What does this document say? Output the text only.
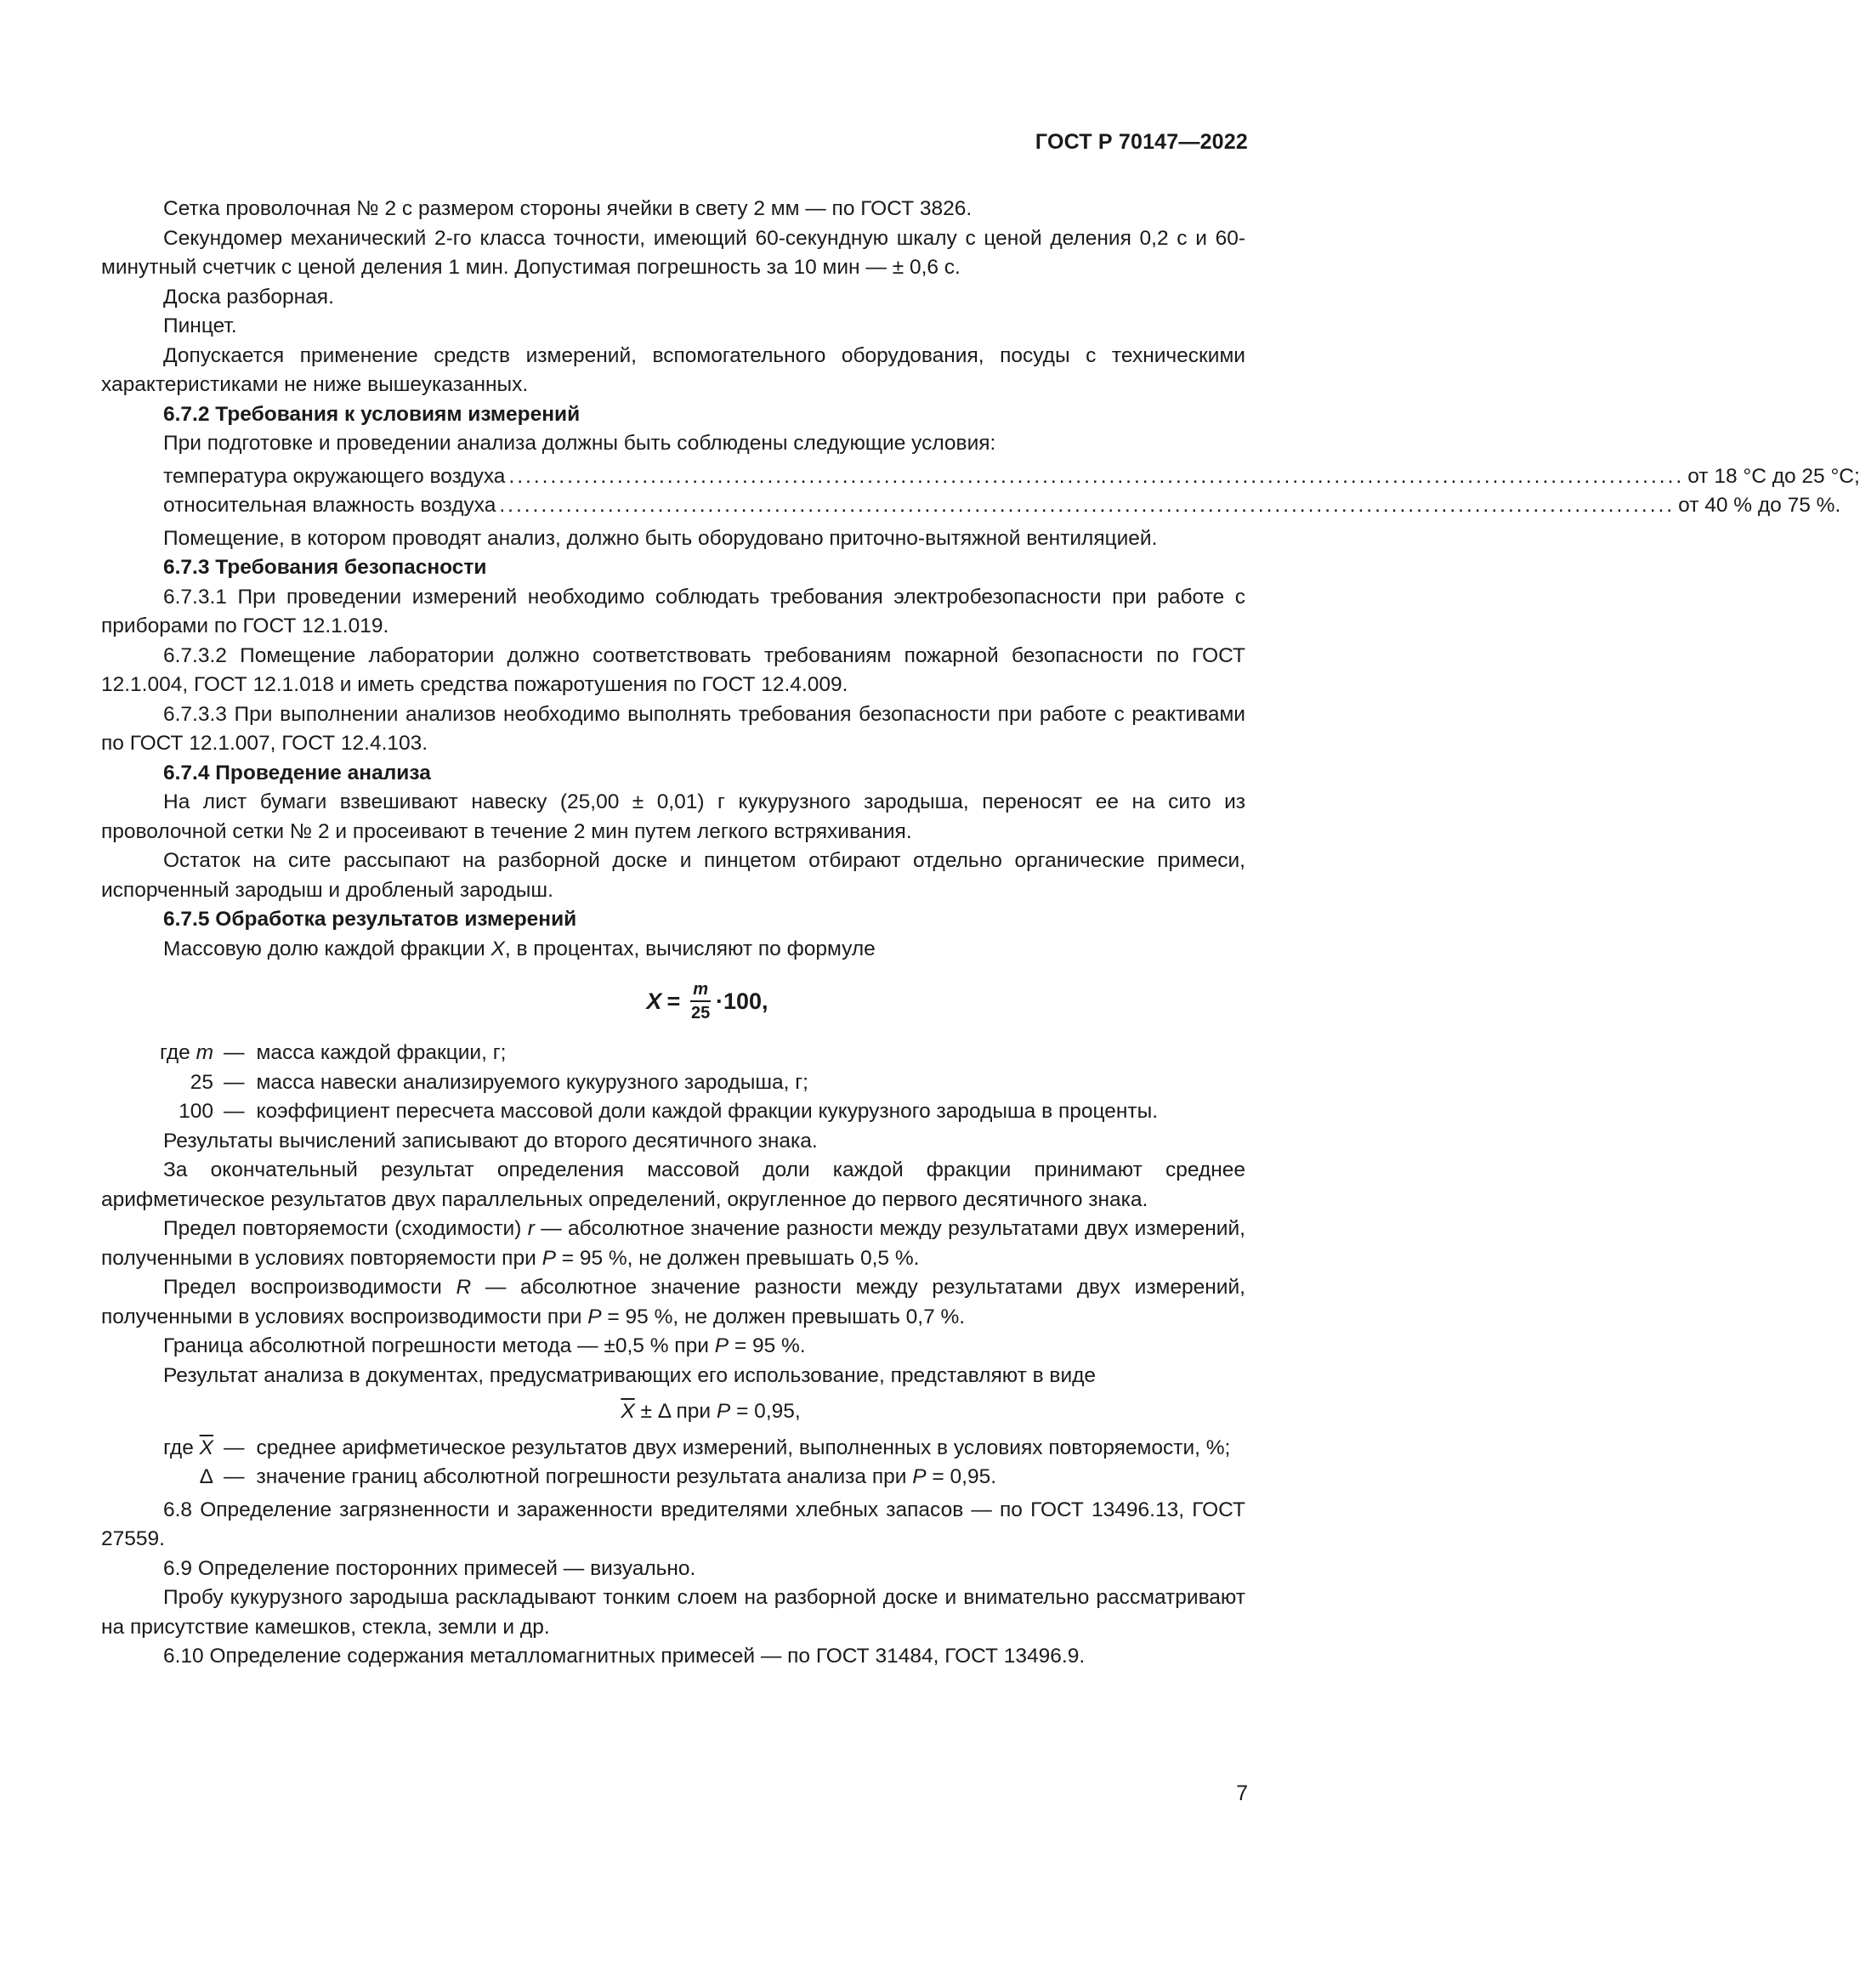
ГОСТ Р 70147—2022

Сетка проволочная № 2 с размером стороны ячейки в свету 2 мм — по ГОСТ 3826.

Секундомер механический 2-го класса точности, имеющий 60-секундную шкалу с ценой деления 0,2 с и 60-минутный счетчик с ценой деления 1 мин. Допустимая погрешность за 10 мин — ± 0,6 с.

Доска разборная.

Пинцет.

Допускается применение средств измерений, вспомогательного оборудования, посуды с техническими характеристиками не ниже вышеуказанных.

6.7.2 Требования к условиям измерений

При подготовке и проведении анализа должны быть соблюдены следующие условия:

температура окружающего воздуха ............................................................................................................................................. от 18 °С до 25 °С;
относительная влажность воздуха ............................................................................................................................................. от 40 % до 75 %.

Помещение, в котором проводят анализ, должно быть оборудовано приточно-вытяжной вентиляцией.

6.7.3 Требования безопасности

6.7.3.1 При проведении измерений необходимо соблюдать требования электробезопасности при работе с приборами по ГОСТ 12.1.019.

6.7.3.2 Помещение лаборатории должно соответствовать требованиям пожарной безопасности по ГОСТ 12.1.004, ГОСТ 12.1.018 и иметь средства пожаротушения по ГОСТ 12.4.009.

6.7.3.3 При выполнении анализов необходимо выполнять требования безопасности при работе с реактивами по ГОСТ 12.1.007, ГОСТ 12.4.103.

6.7.4 Проведение анализа

На лист бумаги взвешивают навеску (25,00 ± 0,01) г кукурузного зародыша, переносят ее на сито из проволочной сетки № 2 и просеивают в течение 2 мин путем легкого встряхивания.

Остаток на сите рассыпают на разборной доске и пинцетом отбирают отдельно органические примеси, испорченный зародыш и дробленый зародыш.

6.7.5 Обработка результатов измерений

Массовую долю каждой фракции X, в процентах, вычисляют по формуле

$X = \frac{m}{25} \cdot 100$,
где m — масса каждой фракции, г;
25 — масса навески анализируемого кукурузного зародыша, г;
100 — коэффициент пересчета массовой доли каждой фракции кукурузного зародыша в проценты.

Результаты вычислений записывают до второго десятичного знака.

За окончательный результат определения массовой доли каждой фракции принимают среднее арифметическое результатов двух параллельных определений, округленное до первого десятичного знака.

Предел повторяемости (сходимости) r — абсолютное значение разности между результатами двух измерений, полученными в условиях повторяемости при P = 95 %, не должен превышать 0,5 %.

Предел воспроизводимости R — абсолютное значение разности между результатами двух измерений, полученными в условиях воспроизводимости при P = 95 %, не должен превышать 0,7 %.

Граница абсолютной погрешности метода — ±0,5 % при P = 95 %.

Результат анализа в документах, предусматривающих его использование, представляют в виде

$\overline{X} \pm \Delta$ при P = 0,95,
где $\overline{X}$ — среднее арифметическое результатов двух измерений, выполненных в условиях повторяемости, %;
Δ — значение границ абсолютной погрешности результата анализа при P = 0,95.

6.8 Определение загрязненности и зараженности вредителями хлебных запасов — по ГОСТ 13496.13, ГОСТ 27559.

6.9 Определение посторонних примесей — визуально.

Пробу кукурузного зародыша раскладывают тонким слоем на разборной доске и внимательно рассматривают на присутствие камешков, стекла, земли и др.

6.10 Определение содержания металломагнитных примесей — по ГОСТ 31484, ГОСТ 13496.9.

7
